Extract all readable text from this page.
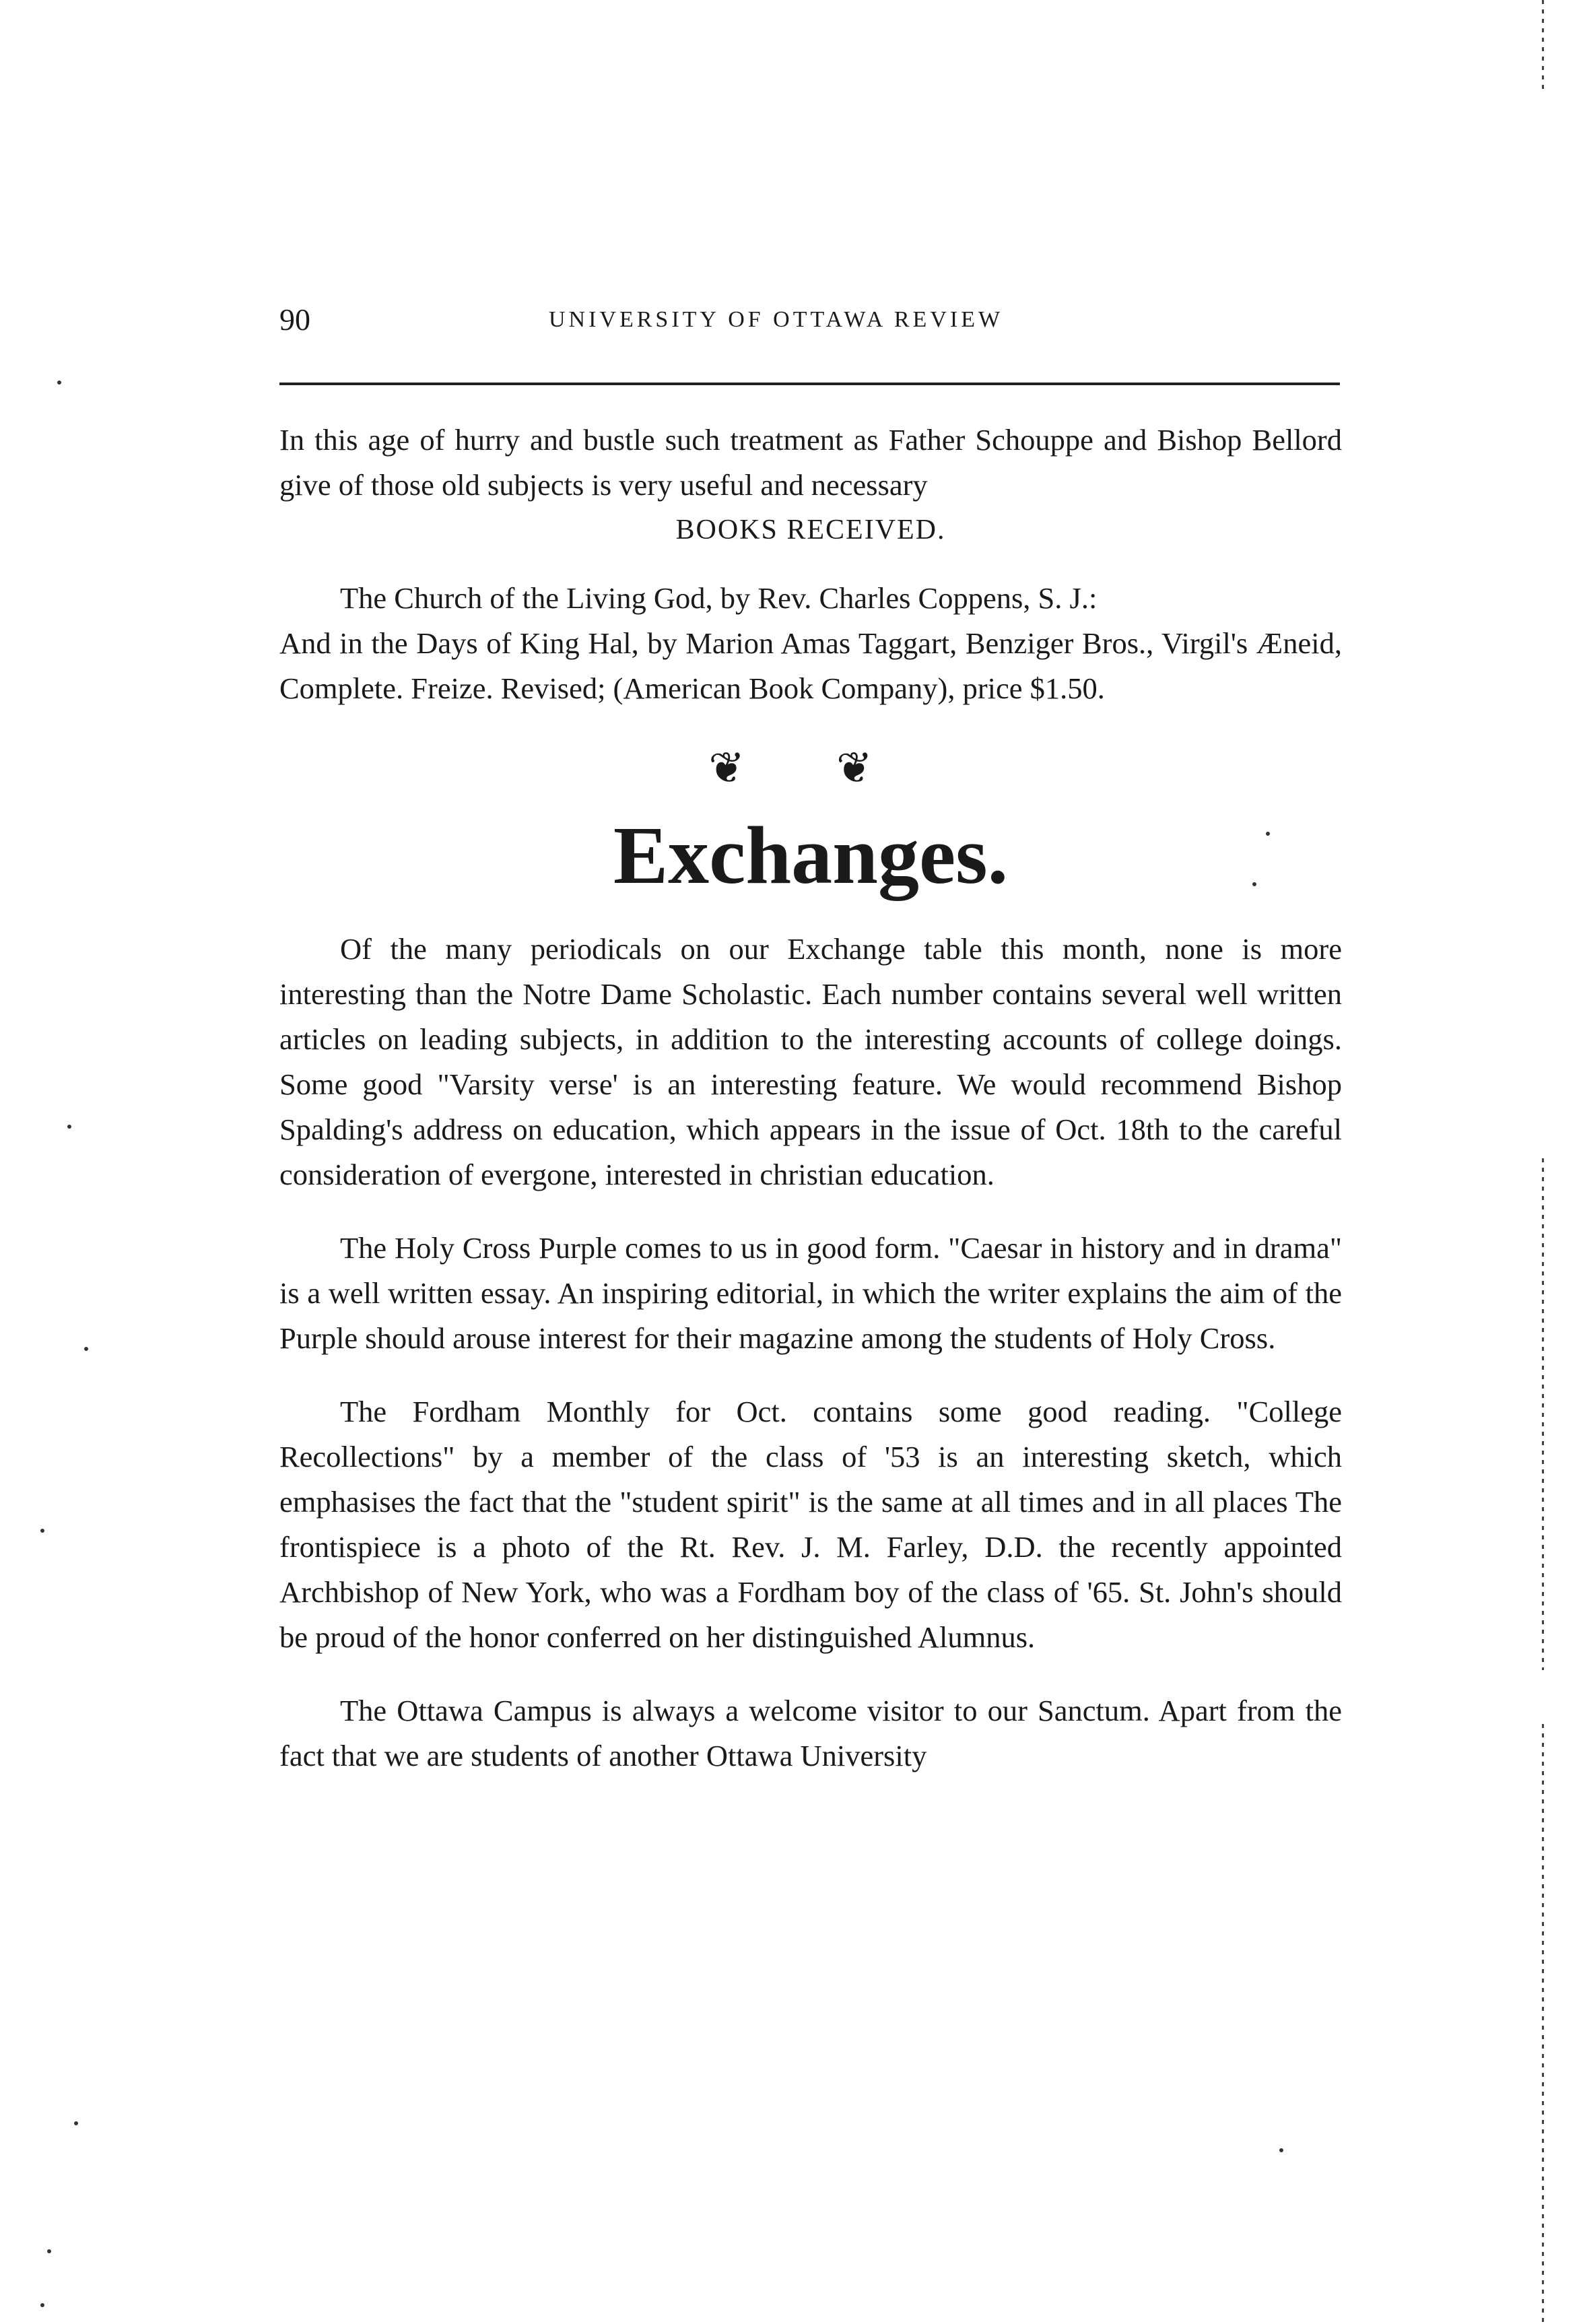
90	UNIVERSITY OF OTTAWA REVIEW

In this age of hurry and bustle such treatment as Father Schouppe and Bishop Bellord give of those old subjects is very useful and necessary

BOOKS RECEIVED.

The Church of the Living God, by Rev. Charles Coppens, S. J.:

And in the Days of King Hal, by Marion Amas Taggart, Benziger Bros., Virgil's Æneid, Complete. Freize. Revised; (American Book Company), price $1.50.

❦ ❦

Exchanges.

Of the many periodicals on our Exchange table this month, none is more interesting than the Notre Dame Scholastic. Each number contains several well written articles on leading subjects, in addition to the interesting accounts of college doings. Some good "Varsity verse' is an interesting feature. We would recommend Bishop Spalding's address on education, which appears in the issue of Oct. 18th to the careful consideration of evergone, interested in christian education.

The Holy Cross Purple comes to us in good form. "Caesar in history and in drama" is a well written essay. An inspiring editorial, in which the writer explains the aim of the Purple should arouse interest for their magazine among the students of Holy Cross.

The Fordham Monthly for Oct. contains some good reading. "College Recollections" by a member of the class of '53 is an interesting sketch, which emphasises the fact that the "student spirit" is the same at all times and in all places The frontispiece is a photo of the Rt. Rev. J. M. Farley, D.D. the recently appointed Archbishop of New York, who was a Fordham boy of the class of '65. St. John's should be proud of the honor conferred on her distinguished Alumnus.

The Ottawa Campus is always a welcome visitor to our Sanctum. Apart from the fact that we are students of another Ottawa University
